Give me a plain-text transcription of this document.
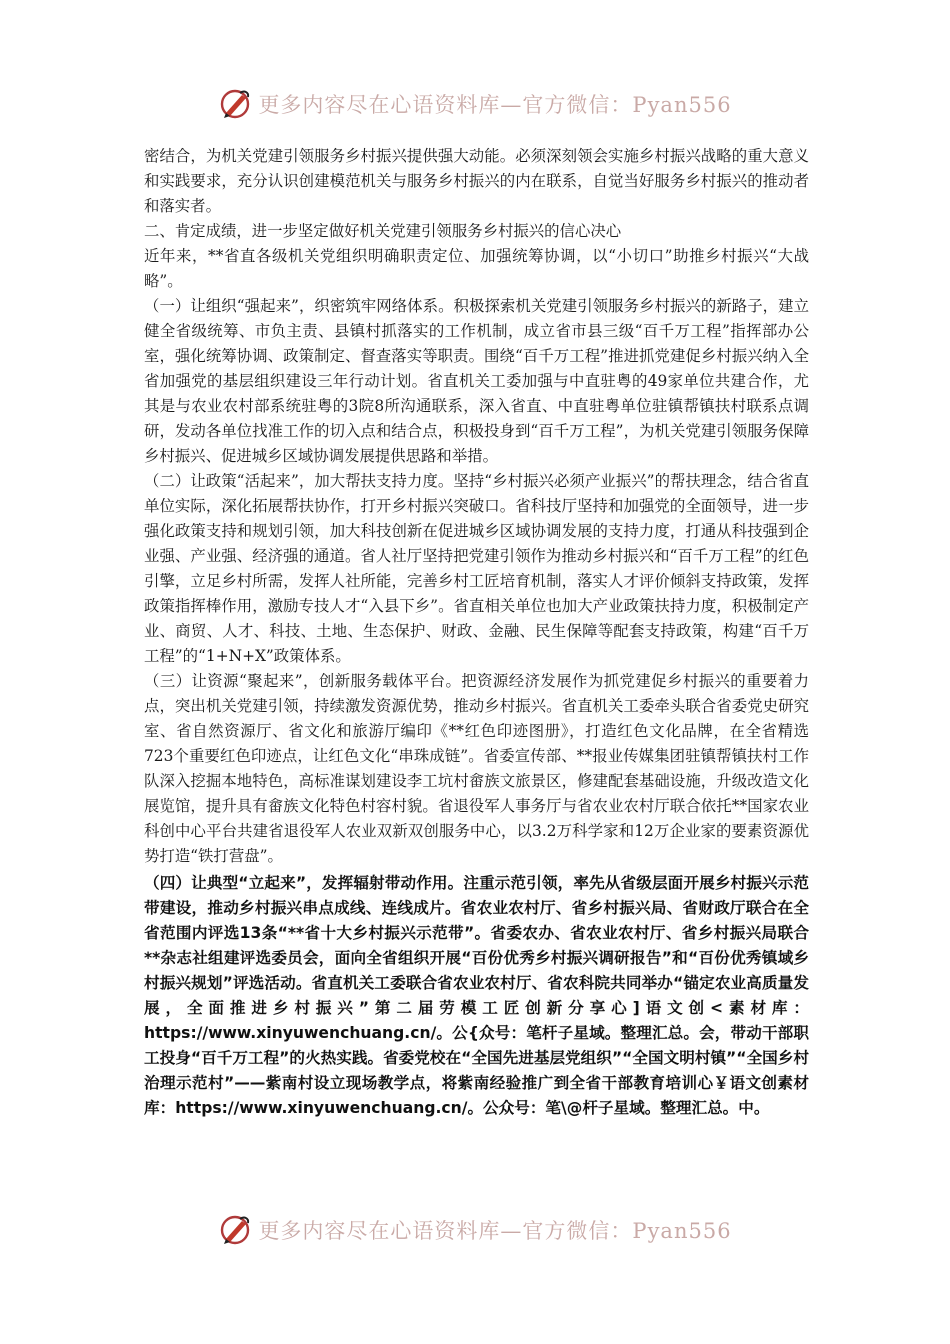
更多内容尽在心语资料库—官方微信：Pyan556

密结合，为机关党建引领服务乡村振兴提供强大动能。必须深刻领会实施乡村振兴战略的重大意义和实践要求，充分认识创建模范机关与服务乡村振兴的内在联系，自觉当好服务乡村振兴的推动者和落实者。

二、肯定成绩，进一步坚定做好机关党建引领服务乡村振兴的信心决心

近年来，**省直各级机关党组织明确职责定位、加强统筹协调，以“小切口”助推乡村振兴“大战略”。

（一）让组织“强起来”，织密筑牢网络体系。积极探索机关党建引领服务乡村振兴的新路子，建立健全省级统筹、市负主责、县镇村抓落实的工作机制，成立省市县三级“百千万工程”指挥部办公室，强化统筹协调、政策制定、督查落实等职责。围绕“百千万工程”推进抓党建促乡村振兴纳入全省加强党的基层组织建设三年行动计划。省直机关工委加强与中直驻粤的49家单位共建合作，尤其是与农业农村部系统驻粤的3院8所沟通联系，深入省直、中直驻粤单位驻镇帮镇扶村联系点调研，发动各单位找准工作的切入点和结合点，积极投身到“百千万工程”，为机关党建引领服务保障乡村振兴、促进城乡区域协调发展提供思路和举措。

（二）让政策“活起来”，加大帮扶支持力度。坚持“乡村振兴必须产业振兴”的帮扶理念，结合省直单位实际，深化拓展帮扶协作，打开乡村振兴突破口。省科技厅坚持和加强党的全面领导，进一步强化政策支持和规划引领，加大科技创新在促进城乡区域协调发展的支持力度，打通从科技强到企业强、产业强、经济强的通道。省人社厅坚持把党建引领作为推动乡村振兴和“百千万工程”的红色引擎，立足乡村所需，发挥人社所能，完善乡村工匠培育机制，落实人才评价倾斜支持政策，发挥政策指挥棒作用，激励专技人才“入县下乡”。省直相关单位也加大产业政策扶持力度，积极制定产业、商贸、人才、科技、土地、生态保护、财政、金融、民生保障等配套支持政策，构建“百千万工程”的“1+N+X”政策体系。

（三）让资源“聚起来”，创新服务载体平台。把资源经济发展作为抓党建促乡村振兴的重要着力点，突出机关党建引领，持续激发资源优势，推动乡村振兴。省直机关工委牵头联合省委党史研究室、省自然资源厅、省文化和旅游厅编印《**红色印迹图册》，打造红色文化品牌，在全省精选723个重要红色印迹点，让红色文化“串珠成链”。省委宣传部、**报业传媒集团驻镇帮镇扶村工作队深入挖掘本地特色，高标准谋划建设李工坑村畲族文旅景区，修建配套基础设施，升级改造文化展览馆，提升具有畲族文化特色村容村貌。省退役军人事务厅与省农业农村厅联合依托**国家农业科创中心平台共建省退役军人农业双新双创服务中心，以3.2万科学家和12万企业家的要素资源优势打造“铁打营盘”。

（四）让典型“立起来”，发挥辐射带动作用。注重示范引领，率先从省级层面开展乡村振兴示范带建设，推动乡村振兴串点成线、连线成片。省农业农村厅、省乡村振兴局、省财政厅联合在全省范围内评选13条“**省十大乡村振兴示范带”。省委农办、省农业农村厅、省乡村振兴局联合**杂志社组建评选委员会，面向全省组织开展“百份优秀乡村振兴调研报告”和“百份优秀镇域乡村振兴规划”评选活动。省直机关工委联合省农业农村厅、省农科院共同举办“锚定农业高质量发展，全面推进乡村振兴”第二届劳模工匠创新分享心]语文创<素材库：https://www.xinyuwenchuang.cn/。公{众号：笔杆子星域。整理汇总。会，带动干部职工投身“百千万工程”的火热实践。省委党校在“全国先进基层党组织”“全国文明村镇”“全国乡村治理示范村”——紫南村设立现场教学点，将紫南经验推广到全省干部教育培训心￥语文创素材库：https://www.xinyuwenchuang.cn/。公众号：笔\@杆子星域。整理汇总。中。

更多内容尽在心语资料库—官方微信：Pyan556
